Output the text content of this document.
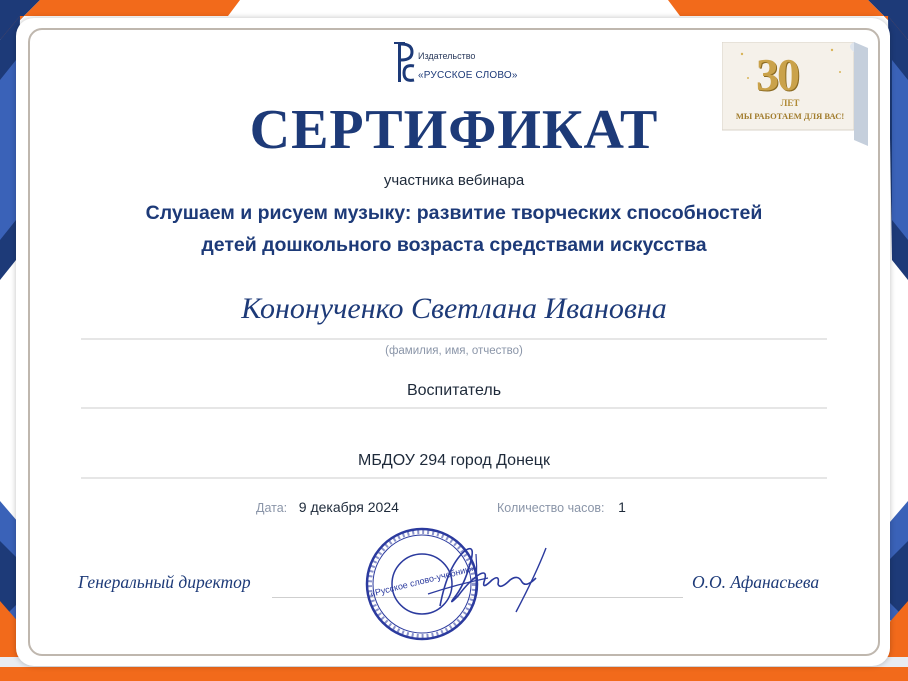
Издательство
«РУССКОЕ СЛОВО»	30
ЛЕТ
МЫ РАБОТАЕМ ДЛЯ ВАС!
СЕРТИФИКАТ
участника вебинара
Слушаем и рисуем музыку: развитие творческих способностей
детей дошкольного возраста средствами искусства
Кононученко Светлана Ивановна
(фамилия, имя, отчество)
Воспитатель
МБДОУ 294 город Донецк
Дата: 9 декабря 2024	Количество часов: 1
Генеральный директор	О.О. Афанасьева
«Русское слово-учебник»
